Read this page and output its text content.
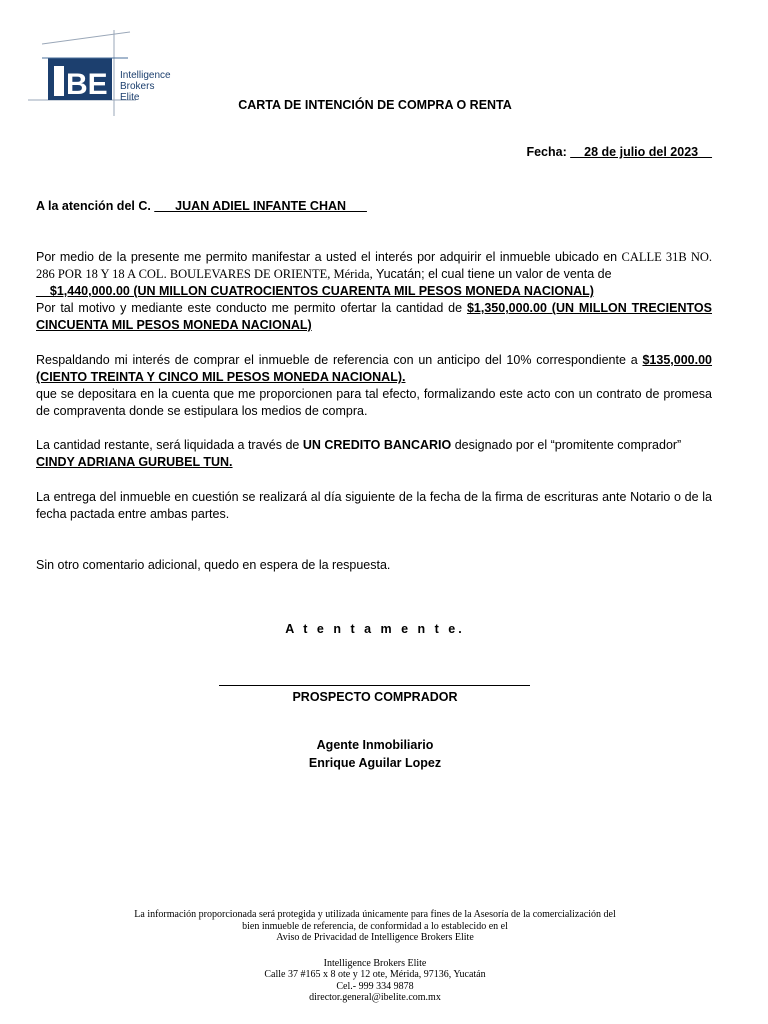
BE Intelligence
Brokers
Elite
CARTA DE INTENCIÓN DE COMPRA O RENTA
Fecha: __28 de julio del 2023__
A la atención del C. ___JUAN ADIEL INFANTE CHAN___
Por medio de la presente me permito manifestar a usted el interés por adquirir el inmueble ubicado en CALLE 31B NO. 286 POR 18 Y 18 A COL. BOULEVARES DE ORIENTE, Mérida, Yucatán; el cual tiene un valor de venta de
__$1,440,000.00 (UN MILLON CUATROCIENTOS CUARENTA MIL PESOS MONEDA NACIONAL)
Por tal motivo y mediante este conducto me permito ofertar la cantidad de $1,350,000.00 (UN MILLON TRECIENTOS CINCUENTA MIL PESOS MONEDA NACIONAL)
Respaldando mi interés de comprar el inmueble de referencia con un anticipo del 10% correspondiente a $135,000.00 (CIENTO TREINTA Y CINCO MIL PESOS MONEDA NACIONAL).
que se depositara en la cuenta que me proporcionen para tal efecto, formalizando este acto con un contrato de promesa de compraventa donde se estipulara los medios de compra.
La cantidad restante, será liquidada a través de UN CREDITO BANCARIO designado por el “promitente comprador”
CINDY ADRIANA GURUBEL TUN.
La entrega del inmueble en cuestión se realizará al día siguiente de la fecha de la firma de escrituras ante Notario o de la fecha pactada entre ambas partes.
Sin otro comentario adicional, quedo en espera de la respuesta.
A t e n t a m e n t e.
PROSPECTO COMPRADOR
Agente Inmobiliario
Enrique Aguilar Lopez
La información proporcionada será protegida y utilizada únicamente para fines de la Asesoría de la comercialización del
bien inmueble de referencia, de conformidad a lo establecido en el
Aviso de Privacidad de Intelligence Brokers Elite
Intelligence Brokers Elite
Calle 37 #165 x 8 ote y 12 ote, Mérida, 97136, Yucatán
Cel.- 999 334 9878
director.general@ibelite.com.mx
